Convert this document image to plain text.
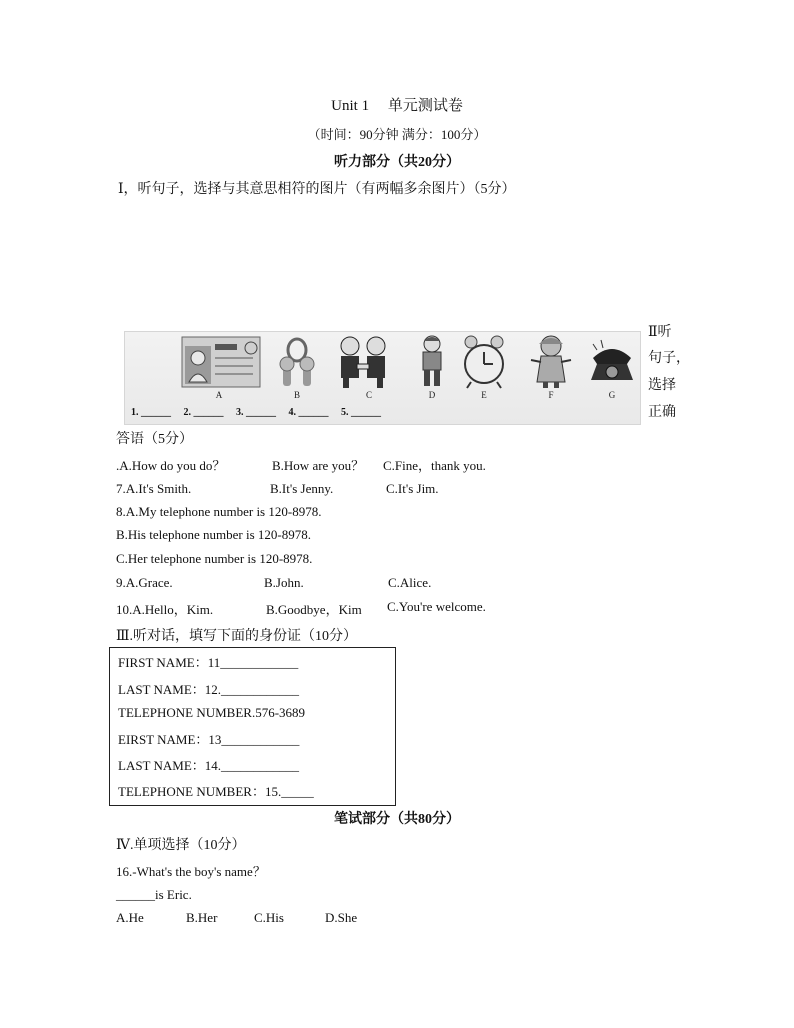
Unit 1　 单元测试卷
（时间：90分钟 满分：100分）
听力部分（共20分）
Ⅰ，听句子，选择与其意思相符的图片（有两幅多余图片）（5分）
A	B	C	D	E	F	G
1. ______ 2. ______ 3. ______ 4. ______ 5. ______
Ⅱ听
句子，
选择
正确
答语（5分）
.A.How do you do？	B.How are you？ C.Fine，thank you.
7.A.It's Smith.	B.It's Jenny.	C.It's Jim.
8.A.My telephone number is 120-8978.
B.His telephone number is 120-8978.
C.Her telephone number is 120-8978.
9.A.Grace.	B.John.	C.Alice.
10.A.Hello，Kim.	B.Goodbye，Kim C.You're welcome.
Ⅲ.听对话，填写下面的身份证（10分）
FIRST NAME：11____________
LAST NAME：12.____________
TELEPHONE NUMBER.576-3689
EIRST NAME：13____________
LAST NAME：14.____________
TELEPHONE NUMBER：15._____
笔试部分（共80分）
Ⅳ.单项选择（10分）
16.-What's the boy's name？
______is Eric.
A.He	B.Her	C.His	D.She
